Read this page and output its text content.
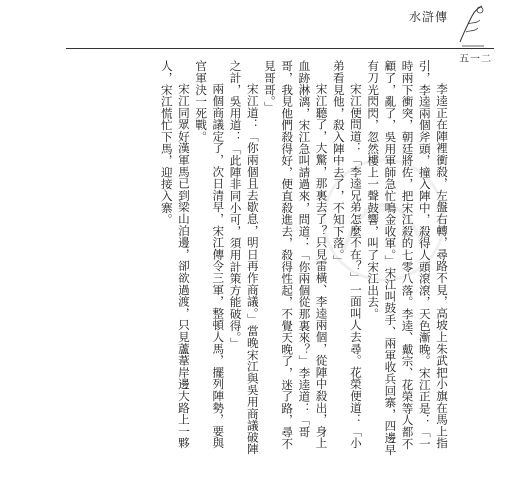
水滸傳
五一二

李逵正在陣裡衝殺，左盤右轉，尋路不見，高坡上朱武把小旗在馬上指引，李逵兩個斧頭，撞入陣中，殺得人頭滾滾，天色漸晚。宋江正是：「一時兩下衝突，朝廷將佐，把宋江殺的七零八落。李逵、戴宗、花榮等人都不顧了，亂了，吳用軍師急忙鳴金收軍。」宋江叫鼓手、兩軍收兵回寨，四邊早有刀光閃閃，忽然樓上一聲鼓響，叫了宋江出去。

宋江便問道：「李逵兄弟怎麼不在？」一面叫人去尋。花榮便道：「小弟看見他，殺入陣中去了，不知下落。」

宋江聽了，大驚，那裏去了？只見雷橫、李逵兩個，從陣中殺出，身上血跡淋漓，宋江急叫請過來，問道：「你兩個從那裏來？」李逵道：「哥哥，我見他們殺得好，便直殺進去，殺得性起，不覺天晚了，迷了路，尋不見哥哥。」

宋江道：「你兩個且去歇息，明日再作商議。」當晚宋江與吳用商議破陣之計，吳用道：「此陣非同小可，須用計策方能破得。」

兩個商議定了，次日清早，宋江傳令三軍，整頓人馬，擺列陣勢，要與官軍決一死戰。

宋江同眾好漢軍馬已到梁山泊邊，卻欲過渡，只見蘆葦岸邊大路上一夥人，宋江慌忙下馬，迎接入寨。
